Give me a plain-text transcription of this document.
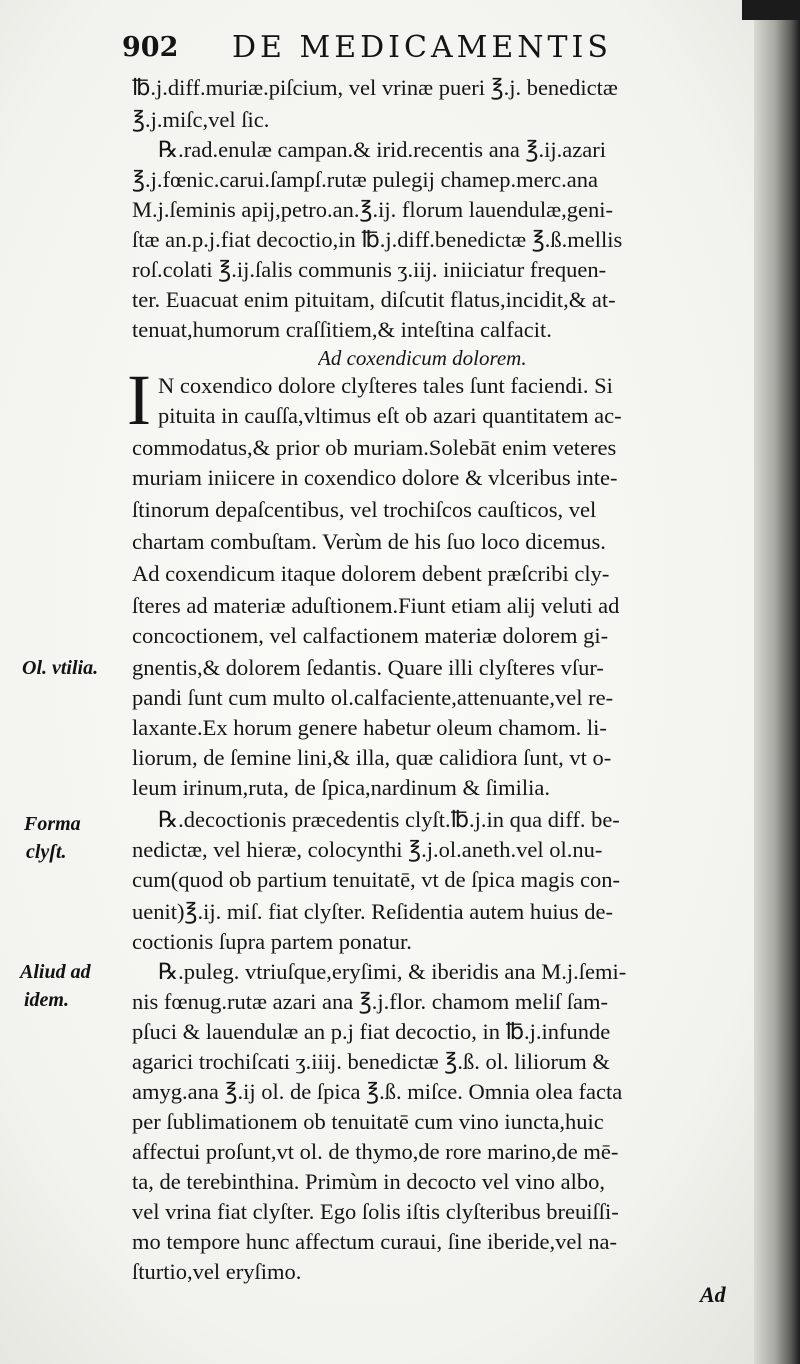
902 DE MEDICAMENTIS
℔.j.diff.muriæ.piſcium, vel vrinæ pueri ℥.j. benedictæ
℥.j.miſc,vel ſic.
℞.rad.enulæ campan.& irid.recentis ana ℥.ij.azari
℥.j.fœnic.carui.ſampſ.rutæ pulegij chamep.merc.ana
M.j.ſeminis apij,petro.an.℥.ij. florum lauendulæ,geni-
ſtæ an.p.j.fiat decoctio,in ℔.j.diff.benedictæ ℥.ß.mellis
roſ.colati ℥.ij.ſalis communis ʒ.iij. iniiciatur frequen-
ter. Euacuat enim pituitam, diſcutit flatus,incidit,& at-
tenuat,humorum craſſitiem,& inteſtina calfacit.
Ad coxendicum dolorem.
I N coxendico dolore clyſteres tales ſunt faciendi. Si
pituita in cauſſa,vltimus eſt ob azari quantitatem ac-
commodatus,& prior ob muriam.Solebāt enim veteres
muriam iniicere in coxendico dolore & vlceribus inte-
ſtinorum depaſcentibus, vel trochiſcos cauſticos, vel
chartam combuſtam. Verùm de his ſuo loco dicemus.
Ad coxendicum itaque dolorem debent præſcribi cly-
ſteres ad materiæ aduſtionem.Fiunt etiam alij veluti ad
concoctionem, vel calfactionem materiæ dolorem gi-
gnentis,& dolorem ſedantis. Quare illi clyſteres vſur-
pandi ſunt cum multo ol.calfaciente,attenuante,vel re-
laxante.Ex horum genere habetur oleum chamom. li-
liorum, de ſemine lini,& illa, quæ calidiora ſunt, vt o-
leum irinum,ruta, de ſpica,nardinum & ſimilia.
℞.decoctionis præcedentis clyſt.℔.j.in qua diff. be-
nedictæ, vel hieræ, colocynthi ℥.j.ol.aneth.vel ol.nu-
cum(quod ob partium tenuitatē, vt de ſpica magis con-
uenit)℥.ij. miſ. fiat clyſter. Reſidentia autem huius de-
coctionis ſupra partem ponatur.
℞.puleg. vtriuſque,eryſimi, & iberidis ana M.j.ſemi-
nis fœnug.rutæ azari ana ℥.j.flor. chamom meliſ ſam-
pſuci & lauendulæ an p.j fiat decoctio, in ℔.j.infunde
agarici trochiſcati ʒ.iiij. benedictæ ℥.ß. ol. liliorum &
amyg.ana ℥.ij ol. de ſpica ℥.ß. miſce. Omnia olea facta
per ſublimationem ob tenuitatē cum vino iuncta,huic
affectui proſunt,vt ol. de thymo,de rore marino,de mē-
ta, de terebinthina. Primùm in decocto vel vino albo,
vel vrina fiat clyſter. Ego ſolis iſtis clyſteribus breuiſſi-
mo tempore hunc affectum curaui, ſine iberide,vel na-
ſturtio,vel eryſimo.
Ol. vtilia.
Forma
clyſt.
Aliud ad
idem.
Ad
